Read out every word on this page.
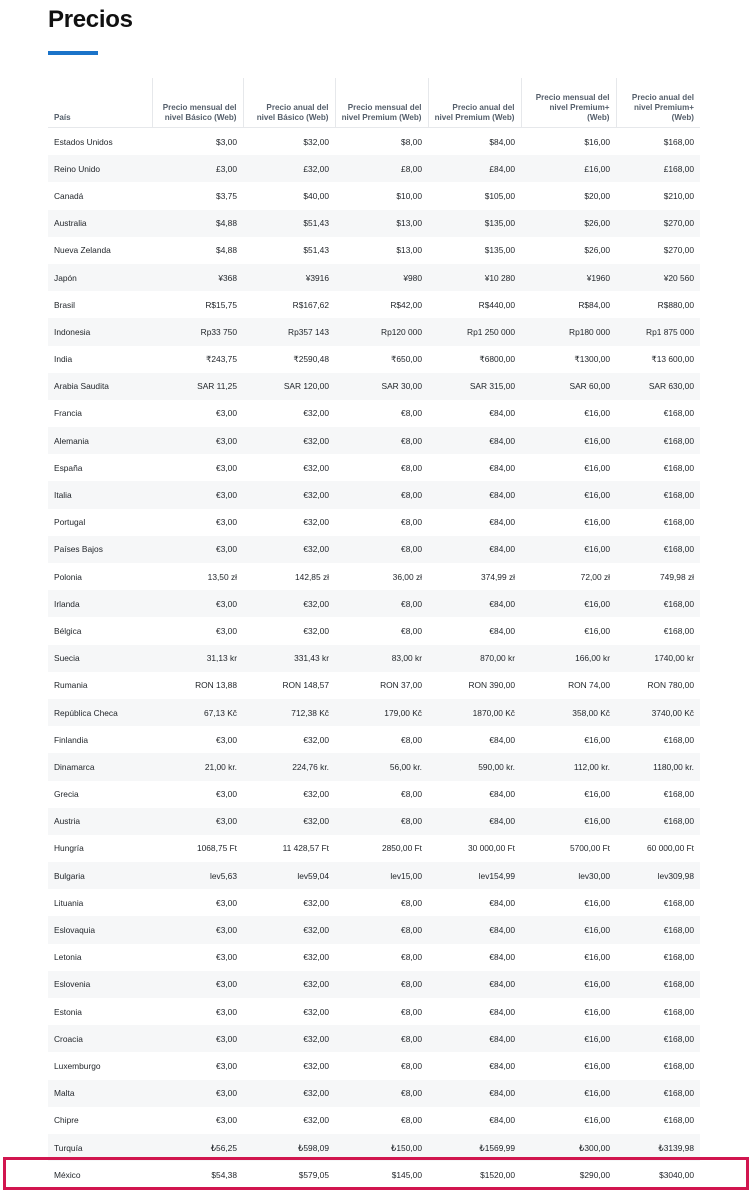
Precios
País	Precio mensual del nivel Básico (Web)	Precio anual del nivel Básico (Web)	Precio mensual del nivel Premium (Web)	Precio anual del nivel Premium (Web)	Precio mensual del nivel Premium+ (Web)	Precio anual del nivel Premium+ (Web)
Estados Unidos	$3,00	$32,00	$8,00	$84,00	$16,00	$168,00
Reino Unido	£3,00	£32,00	£8,00	£84,00	£16,00	£168,00
Canadá	$3,75	$40,00	$10,00	$105,00	$20,00	$210,00
Australia	$4,88	$51,43	$13,00	$135,00	$26,00	$270,00
Nueva Zelanda	$4,88	$51,43	$13,00	$135,00	$26,00	$270,00
Japón	¥368	¥3916	¥980	¥10 280	¥1960	¥20 560
Brasil	R$15,75	R$167,62	R$42,00	R$440,00	R$84,00	R$880,00
Indonesia	Rp33 750	Rp357 143	Rp120 000	Rp1 250 000	Rp180 000	Rp1 875 000
India	₹243,75	₹2590,48	₹650,00	₹6800,00	₹1300,00	₹13 600,00
Arabia Saudita	SAR 11,25	SAR 120,00	SAR 30,00	SAR 315,00	SAR 60,00	SAR 630,00
Francia	€3,00	€32,00	€8,00	€84,00	€16,00	€168,00
Alemania	€3,00	€32,00	€8,00	€84,00	€16,00	€168,00
España	€3,00	€32,00	€8,00	€84,00	€16,00	€168,00
Italia	€3,00	€32,00	€8,00	€84,00	€16,00	€168,00
Portugal	€3,00	€32,00	€8,00	€84,00	€16,00	€168,00
Países Bajos	€3,00	€32,00	€8,00	€84,00	€16,00	€168,00
Polonia	13,50 zł	142,85 zł	36,00 zł	374,99 zł	72,00 zł	749,98 zł
Irlanda	€3,00	€32,00	€8,00	€84,00	€16,00	€168,00
Bélgica	€3,00	€32,00	€8,00	€84,00	€16,00	€168,00
Suecia	31,13 kr	331,43 kr	83,00 kr	870,00 kr	166,00 kr	1740,00 kr
Rumania	RON 13,88	RON 148,57	RON 37,00	RON 390,00	RON 74,00	RON 780,00
República Checa	67,13 Kč	712,38 Kč	179,00 Kč	1870,00 Kč	358,00 Kč	3740,00 Kč
Finlandia	€3,00	€32,00	€8,00	€84,00	€16,00	€168,00
Dinamarca	21,00 kr.	224,76 kr.	56,00 kr.	590,00 kr.	112,00 kr.	1180,00 kr.
Grecia	€3,00	€32,00	€8,00	€84,00	€16,00	€168,00
Austria	€3,00	€32,00	€8,00	€84,00	€16,00	€168,00
Hungría	1068,75 Ft	11 428,57 Ft	2850,00 Ft	30 000,00 Ft	5700,00 Ft	60 000,00 Ft
Bulgaria	lev5,63	lev59,04	lev15,00	lev154,99	lev30,00	lev309,98
Lituania	€3,00	€32,00	€8,00	€84,00	€16,00	€168,00
Eslovaquia	€3,00	€32,00	€8,00	€84,00	€16,00	€168,00
Letonia	€3,00	€32,00	€8,00	€84,00	€16,00	€168,00
Eslovenia	€3,00	€32,00	€8,00	€84,00	€16,00	€168,00
Estonia	€3,00	€32,00	€8,00	€84,00	€16,00	€168,00
Croacia	€3,00	€32,00	€8,00	€84,00	€16,00	€168,00
Luxemburgo	€3,00	€32,00	€8,00	€84,00	€16,00	€168,00
Malta	€3,00	€32,00	€8,00	€84,00	€16,00	€168,00
Chipre	€3,00	€32,00	€8,00	€84,00	€16,00	€168,00
Turquía	₺56,25	₺598,09	₺150,00	₺1569,99	₺300,00	₺3139,98
México	$54,38	$579,05	$145,00	$1520,00	$290,00	$3040,00
